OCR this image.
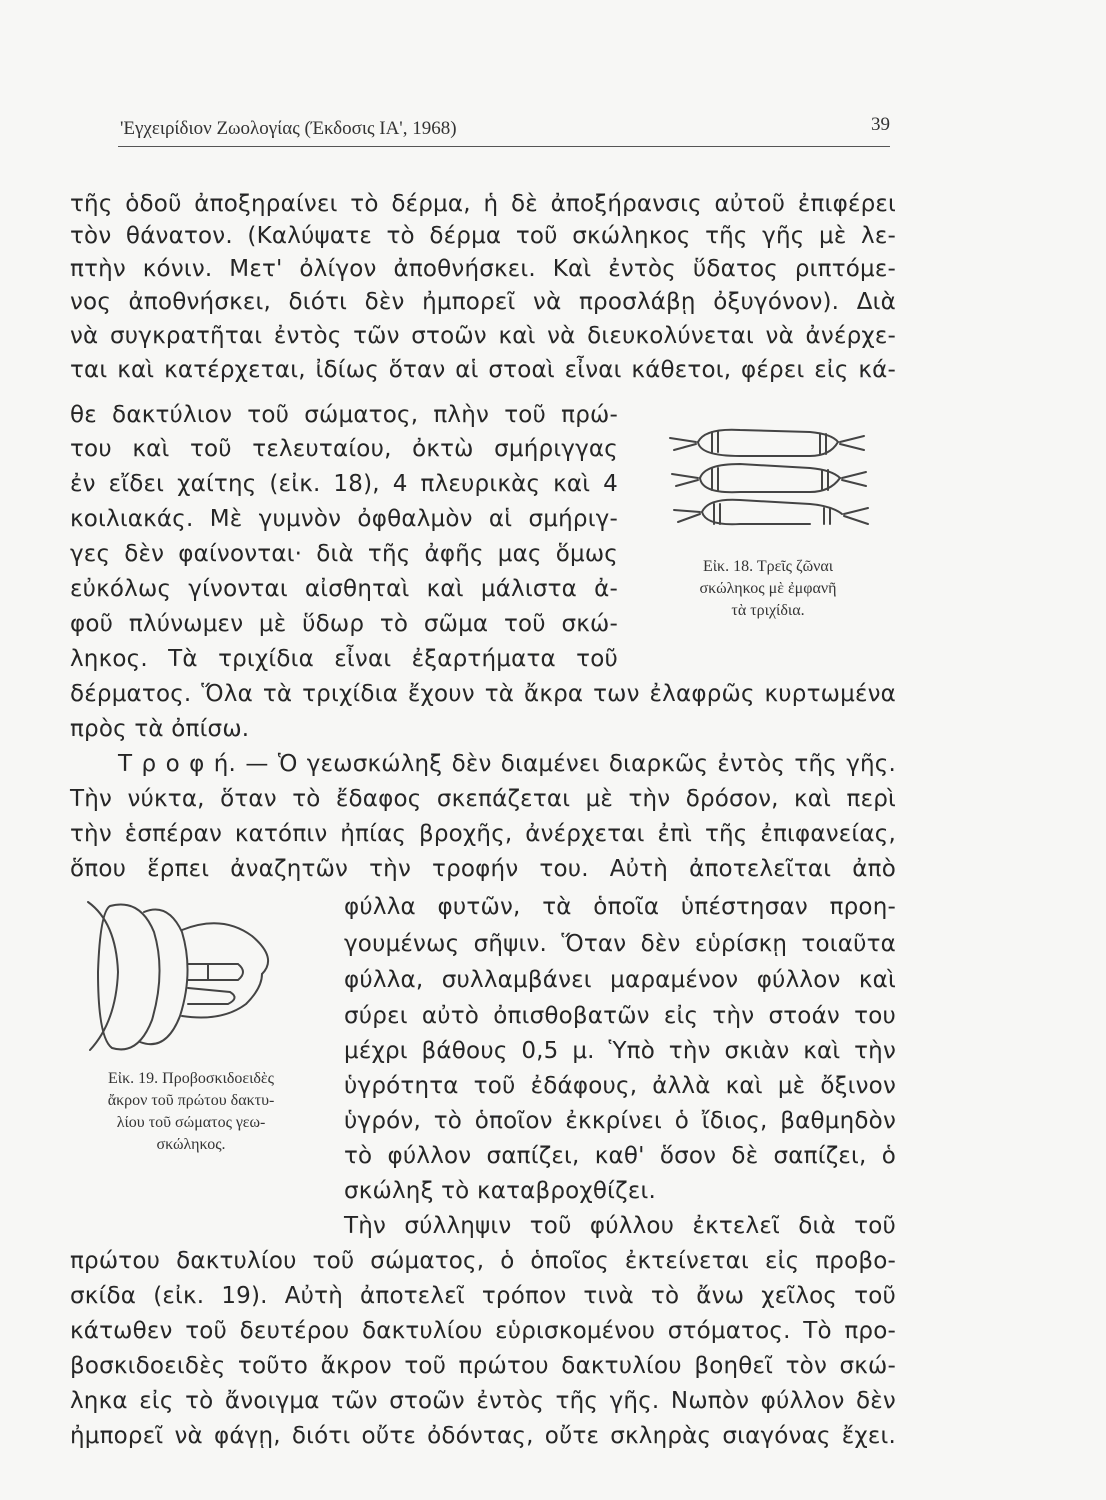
'Εγχειρίδιον Ζωολογίας (Έκδοσις ΙΑ', 1968)	39
τῆς ὁδοῦ ἀποξηραίνει τὸ δέρμα, ἡ δὲ ἀποξήρανσις αὐτοῦ ἐπιφέρει
τὸν θάνατον. (Καλύψατε τὸ δέρμα τοῦ σκώληκος τῆς γῆς μὲ λε-
πτὴν κόνιν. Μετ' ὀλίγον ἀποθνήσκει. Καὶ ἐντὸς ὕδατος ριπτόμε-
νος ἀποθνήσκει, διότι δὲν ἠμπορεῖ νὰ προσλάβῃ ὀξυγόνον). Διὰ
νὰ συγκρατῆται ἐντὸς τῶν στοῶν καὶ νὰ διευκολύνεται νὰ ἀνέρχε-
ται καὶ κατέρχεται, ἰδίως ὅταν αἱ στοαὶ εἶναι κάθετοι, φέρει εἰς κά-
θε δακτύλιον τοῦ σώματος, πλὴν τοῦ πρώ-
του καὶ τοῦ τελευταίου, ὀκτὼ σμήριγγας
ἐν εἴδει χαίτης (εἰκ. 18), 4 πλευρικὰς καὶ 4
κοιλιακάς. Μὲ γυμνὸν ὀφθαλμὸν αἱ σμήριγ-
γες δὲν φαίνονται· διὰ τῆς ἀφῆς μας ὅμως
εὐκόλως γίνονται αἰσθηταὶ καὶ μάλιστα ἀ-
φοῦ πλύνωμεν μὲ ὕδωρ τὸ σῶμα τοῦ σκώ-
ληκος. Τὰ τριχίδια εἶναι ἐξαρτήματα τοῦ
δέρματος. Ὅλα τὰ τριχίδια ἔχουν τὰ ἄκρα των ἐλαφρῶς κυρτωμένα
πρὸς τὰ ὀπίσω.
Εἰκ. 18. Τρεῖς ζῶναι
σκώληκος μὲ ἐμφανῆ
τὰ τριχίδια.
Τ ρ ο φ ή. — Ὁ γεωσκώληξ δὲν διαμένει διαρκῶς ἐντὸς τῆς γῆς.
Τὴν νύκτα, ὅταν τὸ ἔδαφος σκεπάζεται μὲ τὴν δρόσον, καὶ περὶ
τὴν ἑσπέραν κατόπιν ἠπίας βροχῆς, ἀνέρχεται ἐπὶ τῆς ἐπιφανείας,
ὅπου ἕρπει ἀναζητῶν τὴν τροφήν του. Αὐτὴ ἀποτελεῖται ἀπὸ
φύλλα φυτῶν, τὰ ὁποῖα ὑπέστησαν προη-
γουμένως σῆψιν. Ὅταν δὲν εὑρίσκῃ τοιαῦτα
φύλλα, συλλαμβάνει μαραμένον φύλλον καὶ
σύρει αὐτὸ ὀπισθοβατῶν εἰς τὴν στοάν του
μέχρι βάθους 0,5 μ. Ὑπὸ τὴν σκιὰν καὶ τὴν
ὑγρότητα τοῦ ἐδάφους, ἀλλὰ καὶ μὲ ὄξινον
ὑγρόν, τὸ ὁποῖον ἐκκρίνει ὁ ἴδιος, βαθμηδὸν
τὸ φύλλον σαπίζει, καθ' ὅσον δὲ σαπίζει, ὁ
σκώληξ τὸ καταβροχθίζει.
Εἰκ. 19. Προβοσκιδοειδὲς
ἄκρον τοῦ πρώτου δακτυ-
λίου τοῦ σώματος γεω-
σκώληκος.
Τὴν σύλληψιν τοῦ φύλλου ἐκτελεῖ διὰ τοῦ
πρώτου δακτυλίου τοῦ σώματος, ὁ ὁποῖος ἐκτείνεται εἰς προβο-
σκίδα (εἰκ. 19). Αὐτὴ ἀποτελεῖ τρόπον τινὰ τὸ ἄνω χεῖλος τοῦ
κάτωθεν τοῦ δευτέρου δακτυλίου εὑρισκομένου στόματος. Τὸ προ-
βοσκιδοειδὲς τοῦτο ἄκρον τοῦ πρώτου δακτυλίου βοηθεῖ τὸν σκώ-
ληκα εἰς τὸ ἄνοιγμα τῶν στοῶν ἐντὸς τῆς γῆς. Νωπὸν φύλλον δὲν
ἠμπορεῖ νὰ φάγῃ, διότι οὔτε ὀδόντας, οὔτε σκληρὰς σιαγόνας ἔχει.
